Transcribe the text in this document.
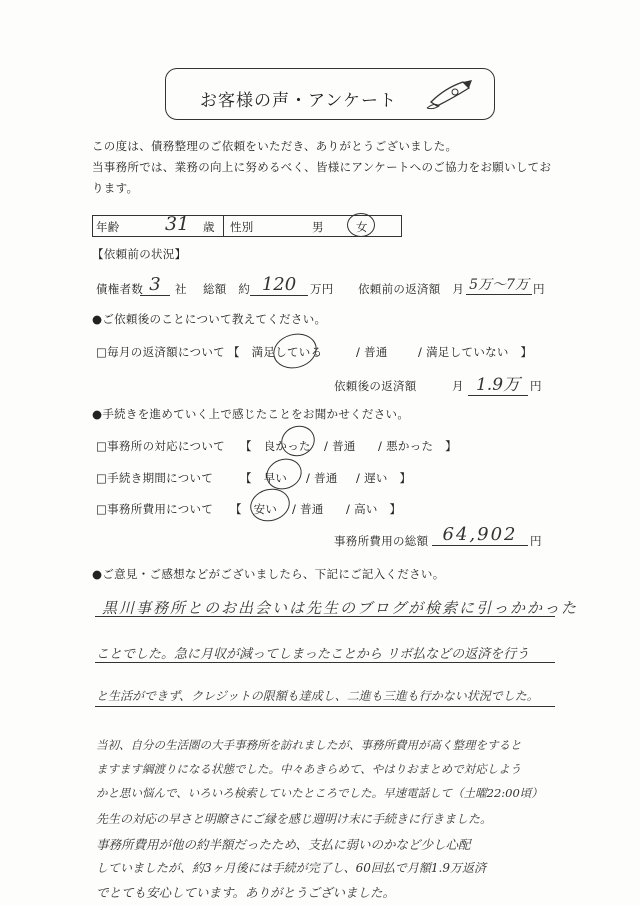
お客様の声・アンケート
この度は、債務整理のご依頼をいただき、ありがとうございました。
当事務所では、業務の向上に努めるべく、皆様にアンケートへのご協力をお願いしてお
ります。
年齢 31 歳 性別	男	女
【依頼前の状況】
債権者数 3	社 総額　約 120	万円 依頼前の返済額　月 5万〜7万 円
●ご依頼後のことについて教えてください。
□毎月の返済額について 【　満足している	/ 普通	/ 満足していない　】
依頼後の返済額　　　月 1.9万 円
●手続きを進めていく上で感じたことをお聞かせください。
□事務所の対応について 【　良かった / 普通 / 悪かった　】
□手続き期間について 【　早い / 普通 / 遅い　】
□事務所費用について 【　安い / 普通 / 高い　】
事務所費用の総額 64,902	円
●ご意見・ご感想などがございましたら、下記にご記入ください。
黒川事務所とのお出会いは先生のブログが検索に引っかかった
ことでした。急に月収が減ってしまったことから リボ払などの返済を行う
と生活ができず、クレジットの限額も達成し、二進も三進も行かない状況でした。
当初、自分の生活圏の大手事務所を訪れましたが、事務所費用が高く整理をすると
ますます綱渡りになる状態でした。中々あきらめて、やはりおまとめで対応しよう
かと思い悩んで、いろいろ検索していたところでした。早速電話して（土曜22:00頃）
先生の対応の早さと明瞭さにご縁を感じ週明け末に手続きに行きました。
事務所費用が他の約半額だったため、支払に弱いのかなど少し心配
していましたが、約3ヶ月後には手続が完了し、60回払で月額1.9万返済
でとても安心しています。ありがとうございました。
